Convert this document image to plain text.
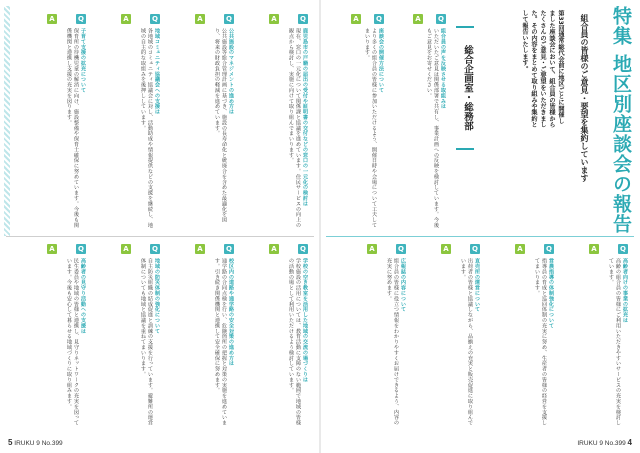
鹿児島市の戸籍の届出の受付や証明書の交付などの窓口の一元化の検討は
現在、窓口の一元化について関係課と協議を進めています。住民サービスの向上の観点から検討し、実施に向けて取り組んでまいります。
Q
A
公共施設のマネジメントの進め方は
公共施設等総合管理計画に基づき、施設の長寿命化と統廃合を含めた最適化を図り、将来の財政負担の軽減を進めています。
Q
A
地域コミュニティ協議会への支援は
各地域のコミュニティ協議会に対し、活動助成や情報提供などの支援を継続し、地域の自主的な取組みを後押ししています。
Q
A
子育て支援の拡充について
保育所の待機児童の解消に向け、施設整備や保育士確保に努めています。今後も関係機関と連携し支援の充実を図ります。
Q
A
学校の空き教室を活用した地域の交流の場づくりは
学校施設の活用については、教育活動に支障のない範囲で地域の皆様の活動の場として利用いただけるよう検討しています。
Q
A
校区内の道路や通学路の安全対策の進め方は
通学路の合同点検を行い、危険箇所の把握と対策の実施を進めています。引き続き関係機関と連携して安全確保に努めます。
Q
A
地域の防災体制の強化について
自主防災組織の結成促進と訓練の支援を行っています。避難所の運営体制についても地域と協議を重ねてまいります。
Q
A
高齢者の見守り活動への支援は
民生委員や地域の皆様と連携し、見守りネットワークの充実を図っています。今後も安心して暮らせる地域づくりに取り組みます。
Q
A
5 IRUKU 9 No.399
組合員の声を反映させる取組みは
いただいたご意見は関係部署で共有し、事業計画への反映を検討しています。今後もご意見をお寄せください。
Q
A
座談会の開催方法について
より多くの組合員の皆様に参加いただけるよう、開催日時や会場について工夫してまいります。
Q
A
総合企画室・総務部	第33回通常総代会前に地区ごとに開催しました座談会において、組合員の皆様からたくさんのご意見・ご要望をいただきました。その内容をまとめて取り組みや集約として報告いたします。	組合員の皆様のご意見・要望を集約しています	特集 地区別座談会の報告
高齢者向けの事業の拡充は
高齢の組合員の皆様にご利用いただきやすいサービスの充実を検討しています。
Q
A
営農指導の体制強化について
指導員の育成と巡回体制の充実に努め、生産者の皆様の経営を支援してまいります。
Q
A
直売所の運営について
出荷者の皆様と協議しながら、品揃えの充実と販売促進に取り組んでいます。
Q
A
広報誌の内容について
組合員の皆様に役立つ情報をわかりやすくお届けできるよう、内容の充実に努めます。
Q
A
IRUKU 9 No.399 4
